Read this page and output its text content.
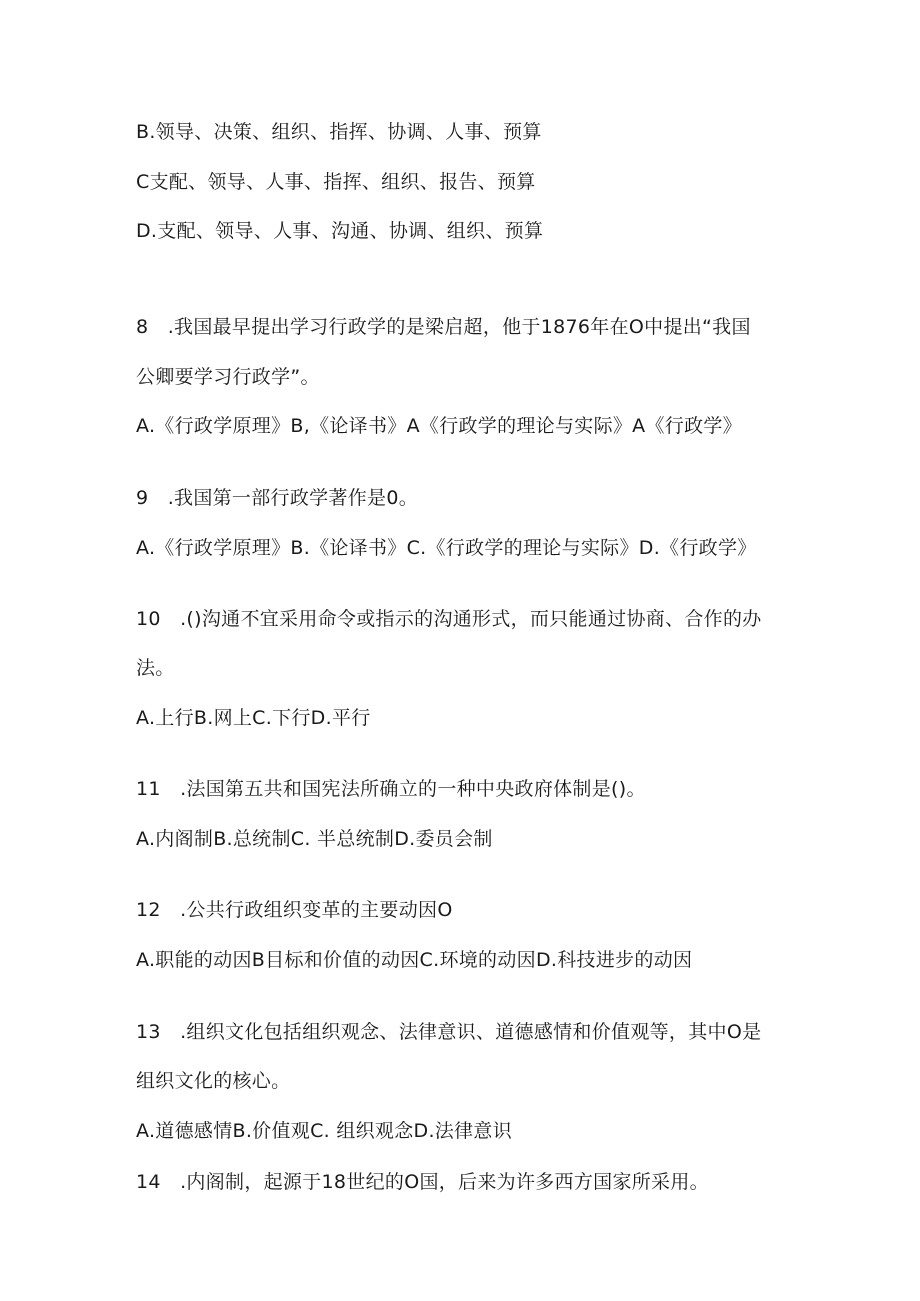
B.领导、决策、组织、指挥、协调、人事、预算

C支配、领导、人事、指挥、组织、报告、预算

D.支配、领导、人事、沟通、协调、组织、预算

8　.我国最早提出学习行政学的是梁启超，他于1876年在O中提出“我国

公卿要学习行政学”。

A.《行政学原理》B,《论译书》A《行政学的理论与实际》A《行政学》

9　.我国第一部行政学著作是0。

A.《行政学原理》B.《论译书》C.《行政学的理论与实际》D.《行政学》

10　.()沟通不宜采用命令或指示的沟通形式，而只能通过协商、合作的办

法。

A.上行B.网上C.下行D.平行

11　.法国第五共和国宪法所确立的一种中央政府体制是()。

A.内阁制B.总统制C. 半总统制D.委员会制

12　.公共行政组织变革的主要动因O

A.职能的动因B目标和价值的动因C.环境的动因D.科技进步的动因

13　.组织文化包括组织观念、法律意识、道德感情和价值观等，其中O是

组织文化的核心。

A.道德感情B.价值观C. 组织观念D.法律意识

14　.内阁制，起源于18世纪的O国，后来为许多西方国家所采用。
